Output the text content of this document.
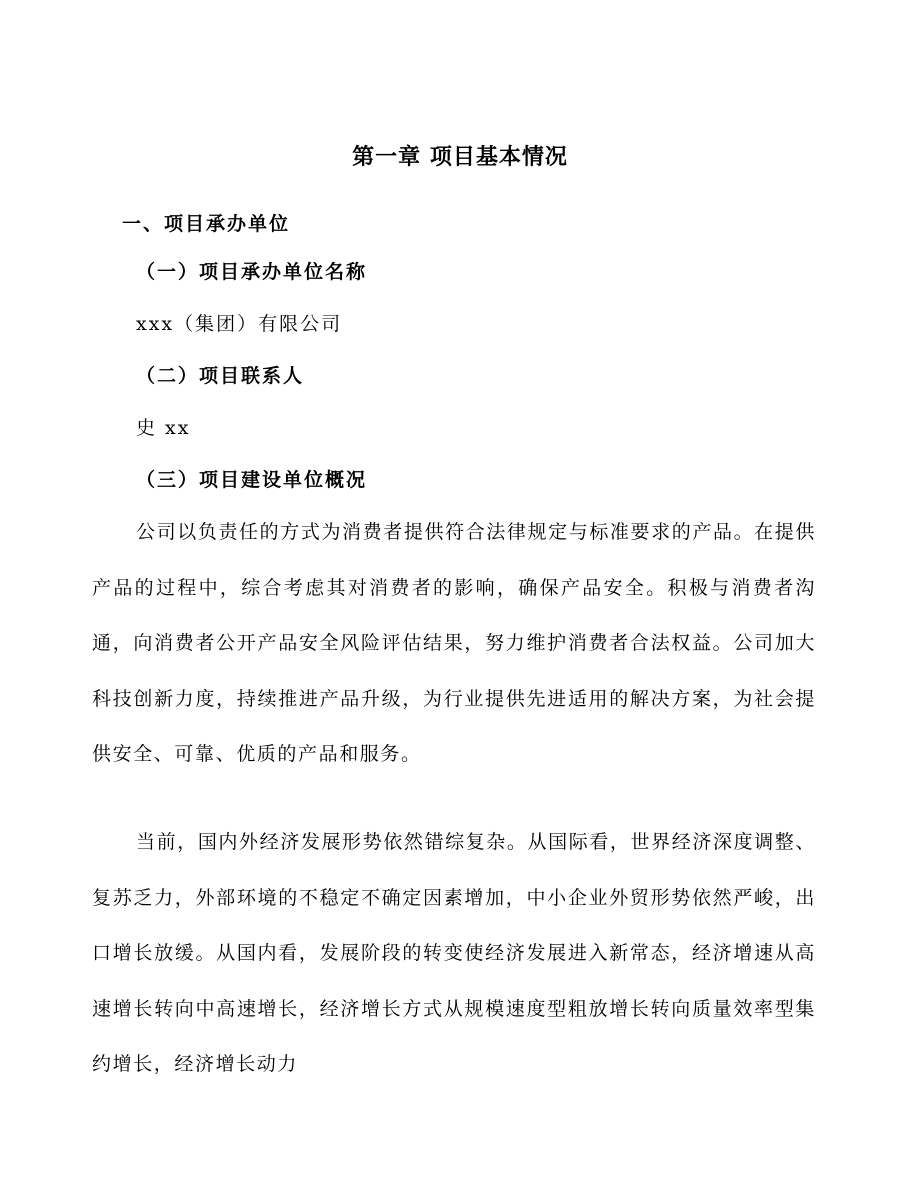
第一章 项目基本情况
一、项目承办单位
（一）项目承办单位名称
xxx（集团）有限公司
（二）项目联系人
史 xx
（三）项目建设单位概况

公司以负责任的方式为消费者提供符合法律规定与标准要求的产品。在提供产品的过程中，综合考虑其对消费者的影响，确保产品安全。积极与消费者沟通，向消费者公开产品安全风险评估结果，努力维护消费者合法权益。公司加大科技创新力度，持续推进产品升级，为行业提供先进适用的解决方案，为社会提供安全、可靠、优质的产品和服务。

当前，国内外经济发展形势依然错综复杂。从国际看，世界经济深度调整、复苏乏力，外部环境的不稳定不确定因素增加，中小企业外贸形势依然严峻，出口增长放缓。从国内看，发展阶段的转变使经济发展进入新常态，经济增速从高速增长转向中高速增长，经济增长方式从规模速度型粗放增长转向质量效率型集约增长，经济增长动力
